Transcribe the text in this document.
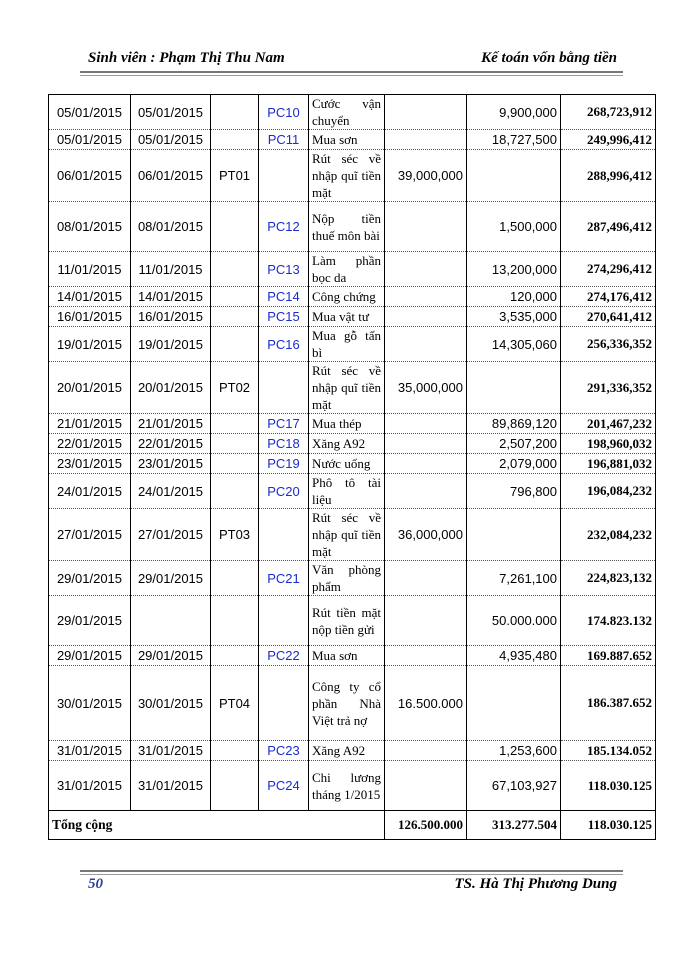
Sinh viên : Phạm Thị Thu Nam	Kế toán vốn bằng tiền
05/01/2015	05/01/2015		PC10	Cước vận chuyển		9,900,000	268,723,912
05/01/2015	05/01/2015		PC11	Mua sơn		18,727,500	249,996,412
06/01/2015	06/01/2015	PT01		Rút séc về nhập quĩ tiền mặt	39,000,000		288,996,412
08/01/2015	08/01/2015		PC12	Nộp tiền thuế môn bài		1,500,000	287,496,412
11/01/2015	11/01/2015		PC13	Làm phần bọc da		13,200,000	274,296,412
14/01/2015	14/01/2015		PC14	Công chứng		120,000	274,176,412
16/01/2015	16/01/2015		PC15	Mua vật tư		3,535,000	270,641,412
19/01/2015	19/01/2015		PC16	Mua gỗ tấn bì		14,305,060	256,336,352
20/01/2015	20/01/2015	PT02		Rút séc về nhập quĩ tiền mặt	35,000,000		291,336,352
21/01/2015	21/01/2015		PC17	Mua thép		89,869,120	201,467,232
22/01/2015	22/01/2015		PC18	Xăng A92		2,507,200	198,960,032
23/01/2015	23/01/2015		PC19	Nước uống		2,079,000	196,881,032
24/01/2015	24/01/2015		PC20	Phô tô tài liệu		796,800	196,084,232
27/01/2015	27/01/2015	PT03		Rút séc về nhập quĩ tiền mặt	36,000,000		232,084,232
29/01/2015	29/01/2015		PC21	Văn phòng phẩm		7,261,100	224,823,132
29/01/2015				Rút tiền mặt nộp tiền gửi		50.000.000	174.823.132
29/01/2015	29/01/2015		PC22	Mua sơn		4,935,480	169.887.652
30/01/2015	30/01/2015	PT04		Công ty cổ phần Nhà Việt trả nợ	16.500.000		186.387.652
31/01/2015	31/01/2015		PC23	Xăng A92		1,253,600	185.134.052
31/01/2015	31/01/2015		PC24	Chi lương tháng 1/2015		67,103,927	118.030.125
Tổng cộng					126.500.000	313.277.504	118.030.125
50	TS. Hà Thị Phương Dung
